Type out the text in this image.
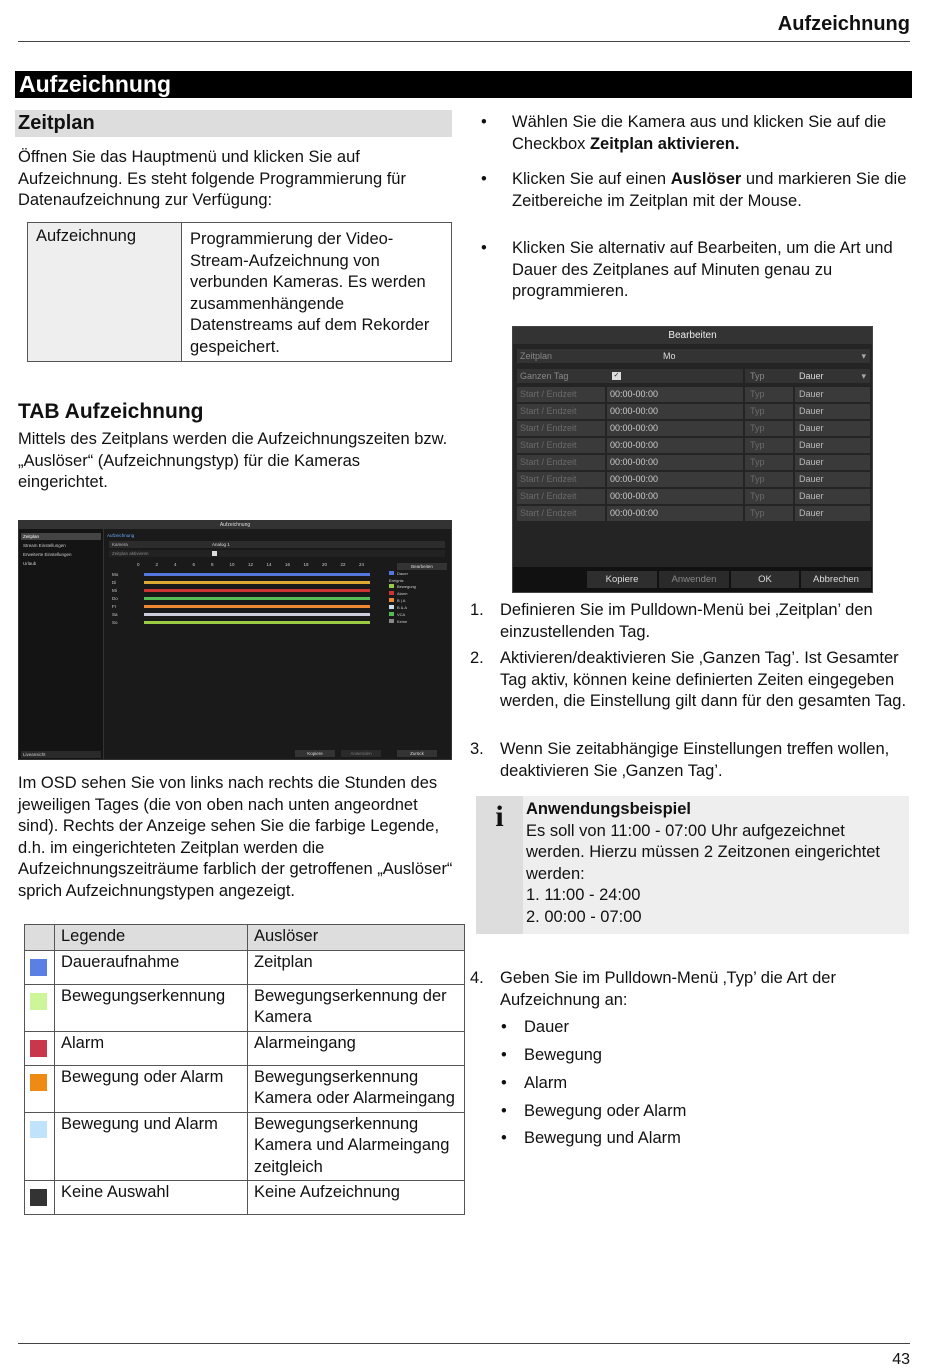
Aufzeichnung
Aufzeichnung
Zeitplan
Öffnen Sie das Hauptmenü und klicken Sie auf Aufzeichnung. Es steht folgende Programmierung für Datenaufzeichnung zur Verfügung:
Aufzeichnung	Programmierung der Video-Stream-Aufzeichnung von verbunden Kameras. Es werden zusammenhängende Datenstreams auf dem Rekorder gespeichert.
TAB Aufzeichnung
Mittels des Zeitplans werden die Aufzeichnungszeiten bzw. „Auslöser“ (Aufzeichnungstyp) für die Kameras eingerichtet.
Aufzeichnung
Zeitplan
Stream Einstellungen
Erweiterte Einstellungen
Urlaub
Liveansicht
Aufzeichnung
Kamera	Analog 1
Zeitplan aktivieren
0	2	4	6	8	10	12	14	16	18	20	22	24
Mo
Di
Mi
Do
Fr
Sa
So
Bearbeiten
Dauer
Ereignis
Bewegung
Alarm
B | A
B & A
VCA
Keine
Kopiere	Anwenden	Zurück
Im OSD sehen Sie von links nach rechts die Stunden des jeweiligen Tages (die von oben nach unten angeordnet sind). Rechts der Anzeige sehen Sie die farbige Legende, d.h. im eingerichteten Zeitplan werden die Aufzeichnungszeiträume farblich der getroffenen „Auslöser“ sprich Aufzeichnungstypen angezeigt.
	Legende	Auslöser

	Daueraufnahme	Zeitplan

	Bewegungserkennung	Bewegungserkennung der Kamera

	Alarm	Alarmeingang

	Bewegung oder Alarm	Bewegungserkennung Kamera oder Alarmeingang

	Bewegung und Alarm	Bewegungserkennung Kamera und Alarmeingang zeitgleich

	Keine Auswahl	Keine Aufzeichnung
• Wählen Sie die Kamera aus und klicken Sie auf die Checkbox Zeitplan aktivieren.
• Klicken Sie auf einen Auslöser und markieren Sie die Zeitbereiche im Zeitplan mit der Mouse.
• Klicken Sie alternativ auf Bearbeiten, um die Art und Dauer des Zeitplanes auf Minuten genau zu programmieren.
Bearbeiten
Zeitplan	Mo	▾
Ganzen Tag	✓	Typ	Dauer	▾
Start / Endzeit	00:00-00:00	Typ	Dauer
Start / Endzeit	00:00-00:00	Typ	Dauer
Start / Endzeit	00:00-00:00	Typ	Dauer
Start / Endzeit	00:00-00:00	Typ	Dauer
Start / Endzeit	00:00-00:00	Typ	Dauer
Start / Endzeit	00:00-00:00	Typ	Dauer
Start / Endzeit	00:00-00:00	Typ	Dauer
Start / Endzeit	00:00-00:00	Typ	Dauer
Kopiere	Anwenden	OK	Abbrechen
1. Definieren Sie im Pulldown-Menü bei ‚Zeitplan’ den einzustellenden Tag.
2. Aktivieren/deaktivieren Sie ‚Ganzen Tag’. Ist Gesamter Tag aktiv, können keine definierten Zeiten eingegeben werden, die Einstellung gilt dann für den gesamten Tag.
3. Wenn Sie zeitabhängige Einstellungen treffen wollen, deaktivieren Sie ‚Ganzen Tag’.
i	Anwendungsbeispiel
Es soll von 11:00 - 07:00 Uhr aufgezeichnet werden. Hierzu müssen 2 Zeitzonen eingerichtet werden:
1. 11:00 - 24:00
2. 00:00 - 07:00
4. Geben Sie im Pulldown-Menü ‚Typ’ die Art der Aufzeichnung an:
• Dauer
• Bewegung
• Alarm
• Bewegung oder Alarm
• Bewegung und Alarm
43
